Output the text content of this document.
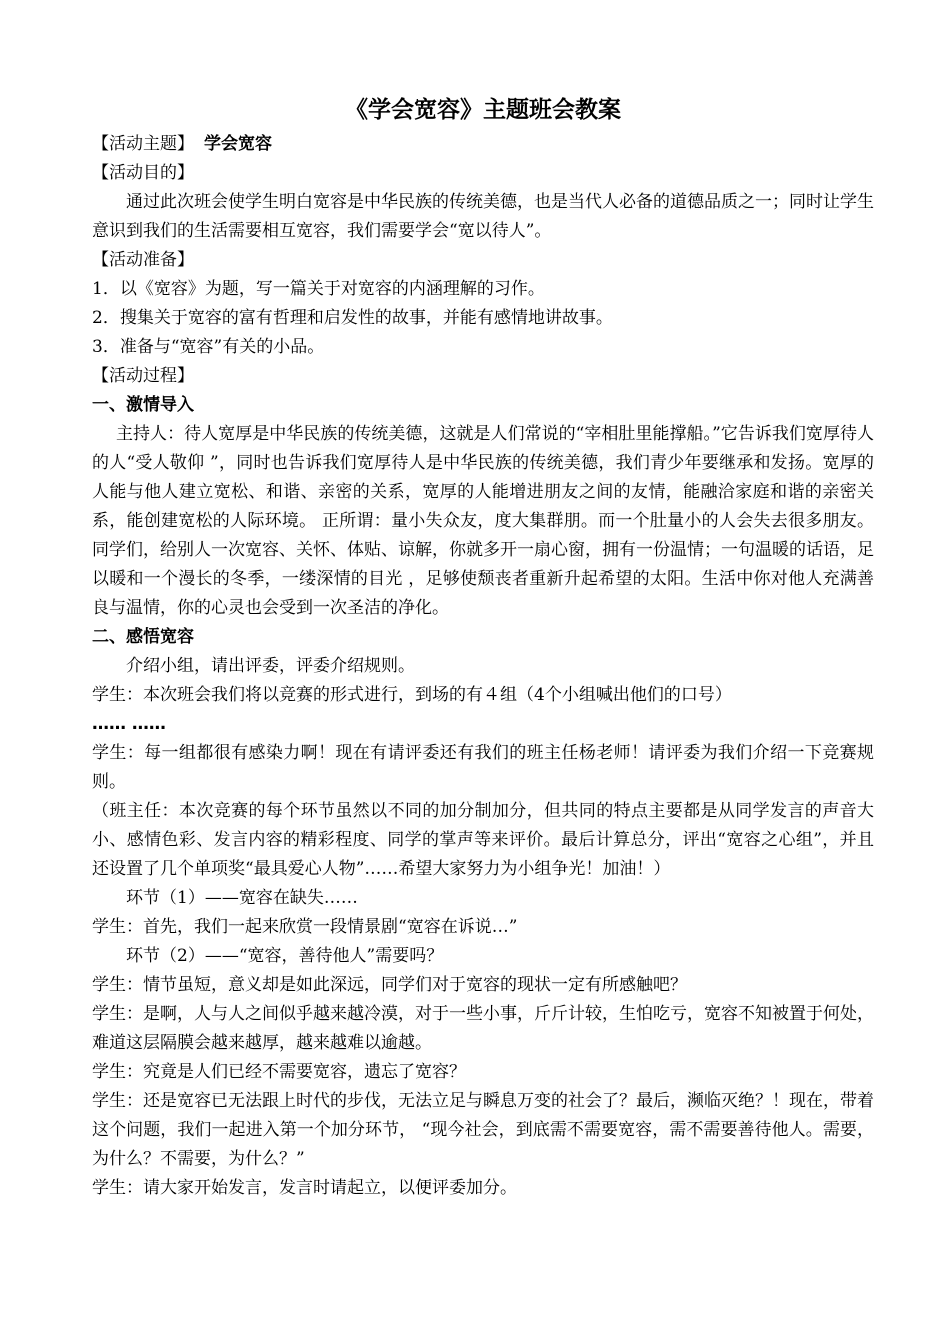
《学会宽容》主题班会教案

【活动主题】 学会宽容

【活动目的】

通过此次班会使学生明白宽容是中华民族的传统美德，也是当代人必备的道德品质之一；同时让学生意识到我们的生活需要相互宽容，我们需要学会“宽以待人”。

【活动准备】

1．以《宽容》为题，写一篇关于对宽容的内涵理解的习作。

2．搜集关于宽容的富有哲理和启发性的故事，并能有感情地讲故事。

3．准备与“宽容”有关的小品。

【活动过程】

一、激情导入

主持人：待人宽厚是中华民族的传统美德，这就是人们常说的“宰相肚里能撑船。”它告诉我们宽厚待人的人“受人敬仰 ”，同时也告诉我们宽厚待人是中华民族的传统美德，我们青少年要继承和发扬。宽厚的人能与他人建立宽松、和谐、亲密的关系，宽厚的人能增进朋友之间的友情，能融洽家庭和谐的亲密关系，能创建宽松的人际环境。 正所谓：量小失众友，度大集群朋。而一个肚量小的人会失去很多朋友。同学们，给别人一次宽容、关怀、体贴、谅解，你就多开一扇心窗，拥有一份温情；一句温暖的话语，足以暖和一个漫长的冬季，一缕深情的目光 ，足够使颓丧者重新升起希望的太阳。生活中你对他人充满善良与温情，你的心灵也会受到一次圣洁的净化。

二、感悟宽容

介绍小组，请出评委，评委介绍规则。

学生：本次班会我们将以竞赛的形式进行，到场的有４组（4个小组喊出他们的口号）

…… ……

学生：每一组都很有感染力啊！现在有请评委还有我们的班主任杨老师！请评委为我们介绍一下竞赛规则。

（班主任：本次竞赛的每个环节虽然以不同的加分制加分，但共同的特点主要都是从同学发言的声音大小、感情色彩、发言内容的精彩程度、同学的掌声等来评价。最后计算总分，评出“宽容之心组”，并且还设置了几个单项奖“最具爱心人物”……希望大家努力为小组争光！加油！）

环节（1）——宽容在缺失……

学生：首先，我们一起来欣赏一段情景剧“宽容在诉说…”

环节（2）——“宽容，善待他人”需要吗？

学生：情节虽短，意义却是如此深远，同学们对于宽容的现状一定有所感触吧？

学生：是啊，人与人之间似乎越来越冷漠，对于一些小事，斤斤计较，生怕吃亏，宽容不知被置于何处，难道这层隔膜会越来越厚，越来越难以逾越。

学生：究竟是人们已经不需要宽容，遗忘了宽容？

学生：还是宽容已无法跟上时代的步伐，无法立足与瞬息万变的社会了？最后，濒临灭绝？！现在，带着这个问题，我们一起进入第一个加分环节， “现今社会，到底需不需要宽容，需不需要善待他人。需要，为什么？不需要，为什么？”

学生：请大家开始发言，发言时请起立，以便评委加分。
